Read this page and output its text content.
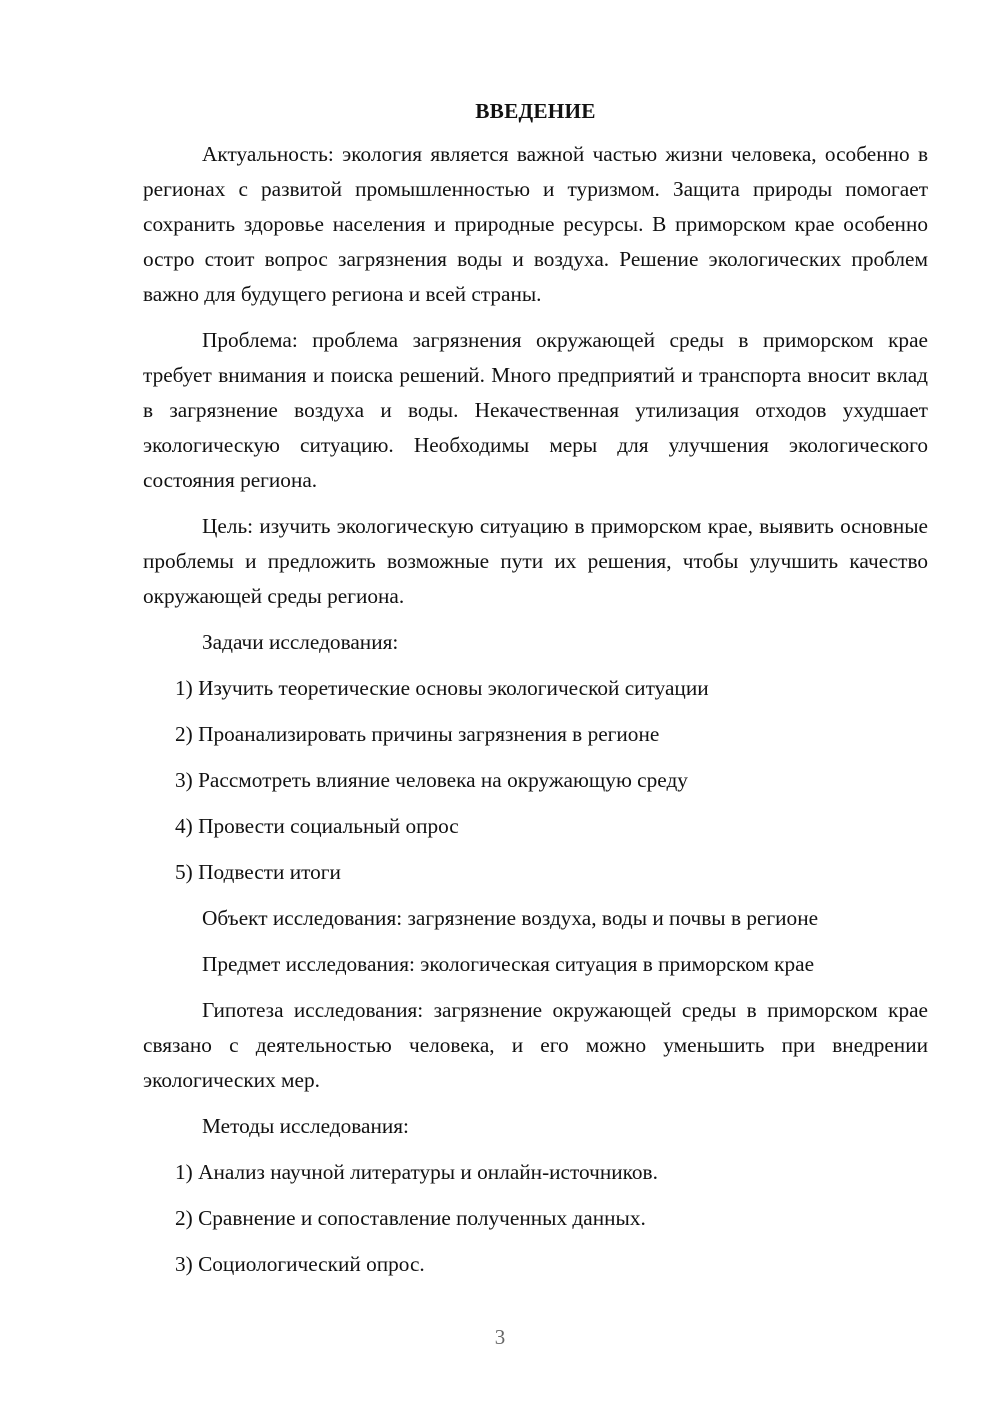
ВВЕДЕНИЕ
Актуальность: экология является важной частью жизни человека, особенно в регионах с развитой промышленностью и туризмом. Защита природы помогает сохранить здоровье населения и природные ресурсы. В приморском крае особенно остро стоит вопрос загрязнения воды и воздуха. Решение экологических проблем важно для будущего региона и всей страны.
Проблема: проблема загрязнения окружающей среды в приморском крае требует внимания и поиска решений. Много предприятий и транспорта вносит вклад в загрязнение воздуха и воды. Некачественная утилизация отходов ухудшает экологическую ситуацию. Необходимы меры для улучшения экологического состояния региона.
Цель: изучить экологическую ситуацию в приморском крае, выявить основные проблемы и предложить возможные пути их решения, чтобы улучшить качество окружающей среды региона.
Задачи исследования:
1) Изучить теоретические основы экологической ситуации
2) Проанализировать причины загрязнения в регионе
3) Рассмотреть влияние человека на окружающую среду
4) Провести социальный опрос
5) Подвести итоги
Объект исследования: загрязнение воздуха, воды и почвы в регионе
Предмет исследования: экологическая ситуация в приморском крае
Гипотеза исследования: загрязнение окружающей среды в приморском крае связано с деятельностью человека, и его можно уменьшить при внедрении экологических мер.
Методы исследования:
1) Анализ научной литературы и онлайн-источников.
2) Сравнение и сопоставление полученных данных.
3) Социологический опрос.
3
